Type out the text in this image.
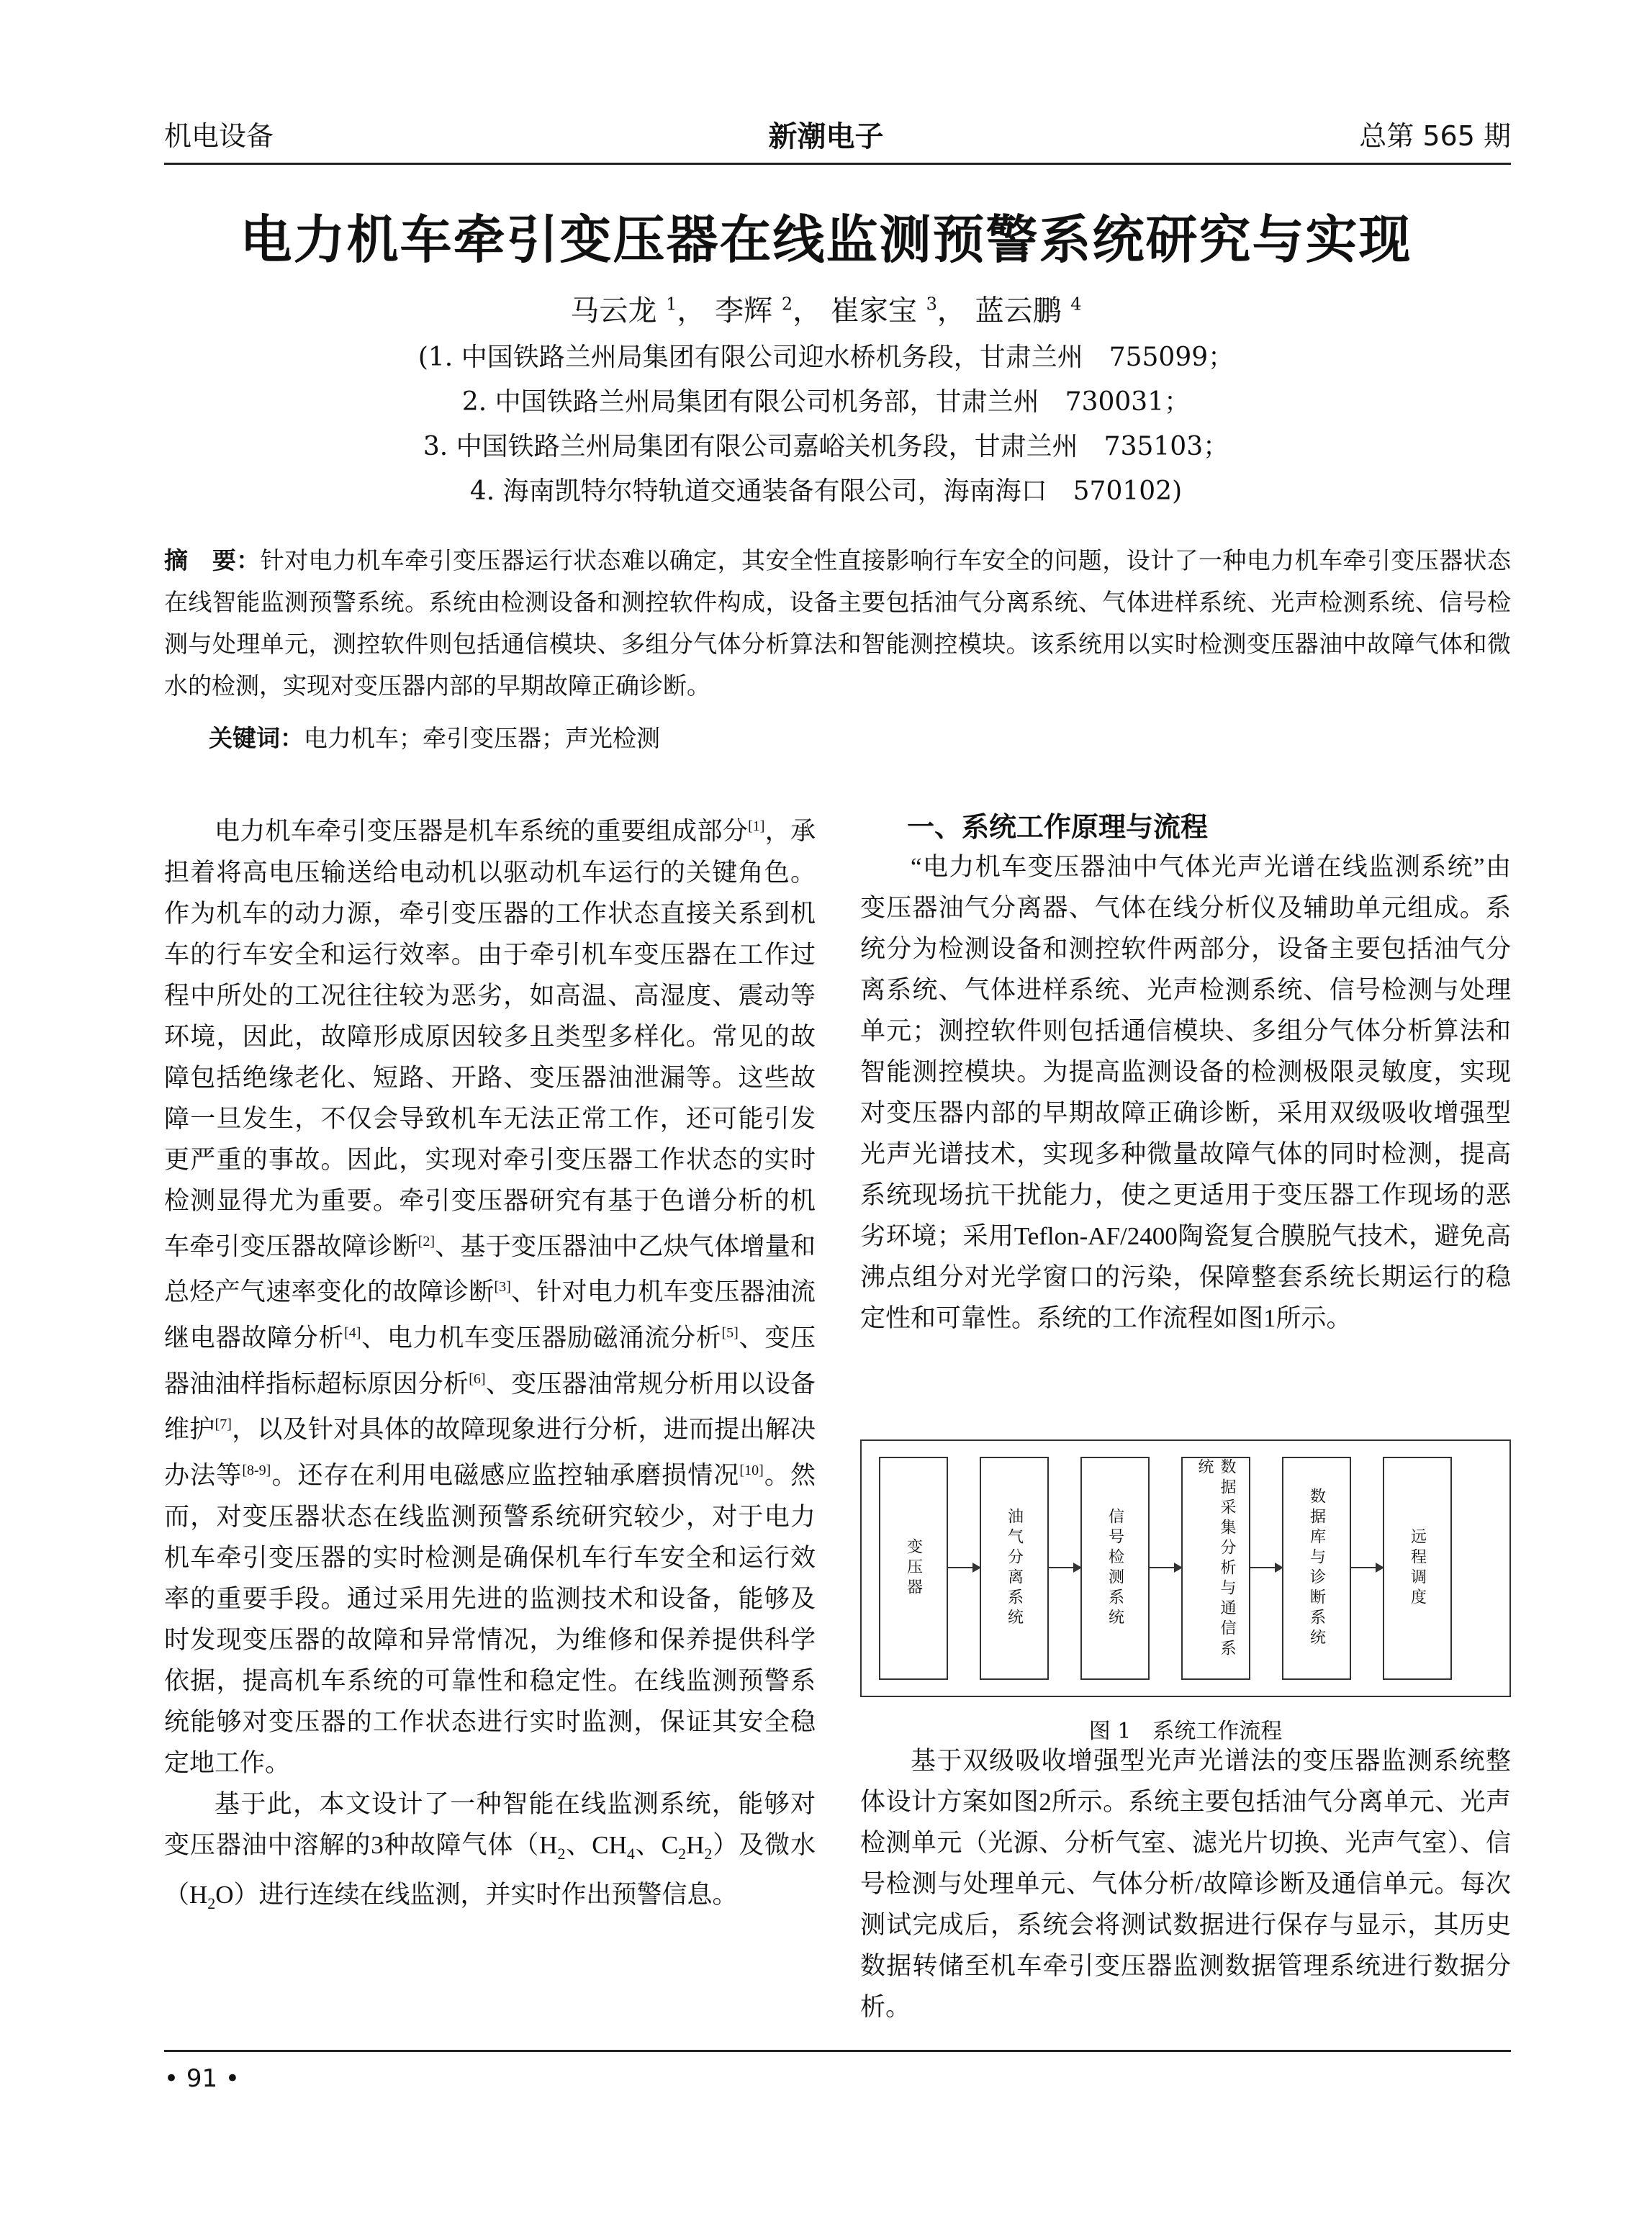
机电设备	新潮电子	总第 565 期
电力机车牵引变压器在线监测预警系统研究与实现
马云龙 $^1$， 李辉 $^2$， 崔家宝 $^3$， 蓝云鹏 $^4$
(1. 中国铁路兰州局集团有限公司迎水桥机务段，甘肃兰州　755099；
2. 中国铁路兰州局集团有限公司机务部，甘肃兰州　730031；
3. 中国铁路兰州局集团有限公司嘉峪关机务段，甘肃兰州　735103；
4. 海南凯特尔特轨道交通装备有限公司，海南海口　570102)
摘　要：针对电力机车牵引变压器运行状态难以确定，其安全性直接影响行车安全的问题，设计了一种电力机车牵引变压器状态在线智能监测预警系统。系统由检测设备和测控软件构成，设备主要包括油气分离系统、气体进样系统、光声检测系统、信号检测与处理单元，测控软件则包括通信模块、多组分气体分析算法和智能测控模块。该系统用以实时检测变压器油中故障气体和微水的检测，实现对变压器内部的早期故障正确诊断。
关键词：电力机车；牵引变压器；声光检测

电力机车牵引变压器是机车系统的重要组成部分[1]，承担着将高电压输送给电动机以驱动机车运行的关键角色。作为机车的动力源，牵引变压器的工作状态直接关系到机车的行车安全和运行效率。由于牵引机车变压器在工作过程中所处的工况往往较为恶劣，如高温、高湿度、震动等环境，因此，故障形成原因较多且类型多样化。常见的故障包括绝缘老化、短路、开路、变压器油泄漏等。这些故障一旦发生，不仅会导致机车无法正常工作，还可能引发更严重的事故。因此，实现对牵引变压器工作状态的实时检测显得尤为重要。牵引变压器研究有基于色谱分析的机车牵引变压器故障诊断[2]、基于变压器油中乙炔气体增量和总烃产气速率变化的故障诊断[3]、针对电力机车变压器油流继电器故障分析[4]、电力机车变压器励磁涌流分析[5]、变压器油油样指标超标原因分析[6]、变压器油常规分析用以设备维护[7]，以及针对具体的故障现象进行分析，进而提出解决办法等[8-9]。还存在利用电磁感应监控轴承磨损情况[10]。然而，对变压器状态在线监测预警系统研究较少，对于电力机车牵引变压器的实时检测是确保机车行车安全和运行效率的重要手段。通过采用先进的监测技术和设备，能够及时发现变压器的故障和异常情况，为维修和保养提供科学依据，提高机车系统的可靠性和稳定性。在线监测预警系统能够对变压器的工作状态进行实时监测，保证其安全稳定地工作。

基于此，本文设计了一种智能在线监测系统，能够对变压器油中溶解的3种故障气体（$H_2$、$CH_4$、$C_2H_2$）及微水$(H_2O)$进行连续在线监测，并实时作出预警信息。

一、系统工作原理与流程

“电力机车变压器油中气体光声光谱在线监测系统”由变压器油气分离器、气体在线分析仪及辅助单元组成。系统分为检测设备和测控软件两部分，设备主要包括油气分离系统、气体进样系统、光声检测系统、信号检测与处理单元；测控软件则包括通信模块、多组分气体分析算法和智能测控模块。为提高监测设备的检测极限灵敏度，实现对变压器内部的早期故障正确诊断，采用双级吸收增强型光声光谱技术，实现多种微量故障气体的同时检测，提高系统现场抗干扰能力，使之更适用于变压器工作现场的恶劣环境；采用Teflon-AF/2400陶瓷复合膜脱气技术，避免高沸点组分对光学窗口的污染，保障整套系统长期运行的稳定性和可靠性。系统的工作流程如图1所示。

变压器	油气分离系统	信号检测系统	数据采集分析与通信系统
数据库与诊断系统	远程调度
图 1　系统工作流程

基于双级吸收增强型光声光谱法的变压器监测系统整体设计方案如图2所示。系统主要包括油气分离单元、光声检测单元（光源、分析气室、滤光片切换、光声气室）、信号检测与处理单元、气体分析/故障诊断及通信单元。每次测试完成后，系统会将测试数据进行保存与显示，其历史数据转储至机车牵引变压器监测数据管理系统进行数据分析。

• 91 •
